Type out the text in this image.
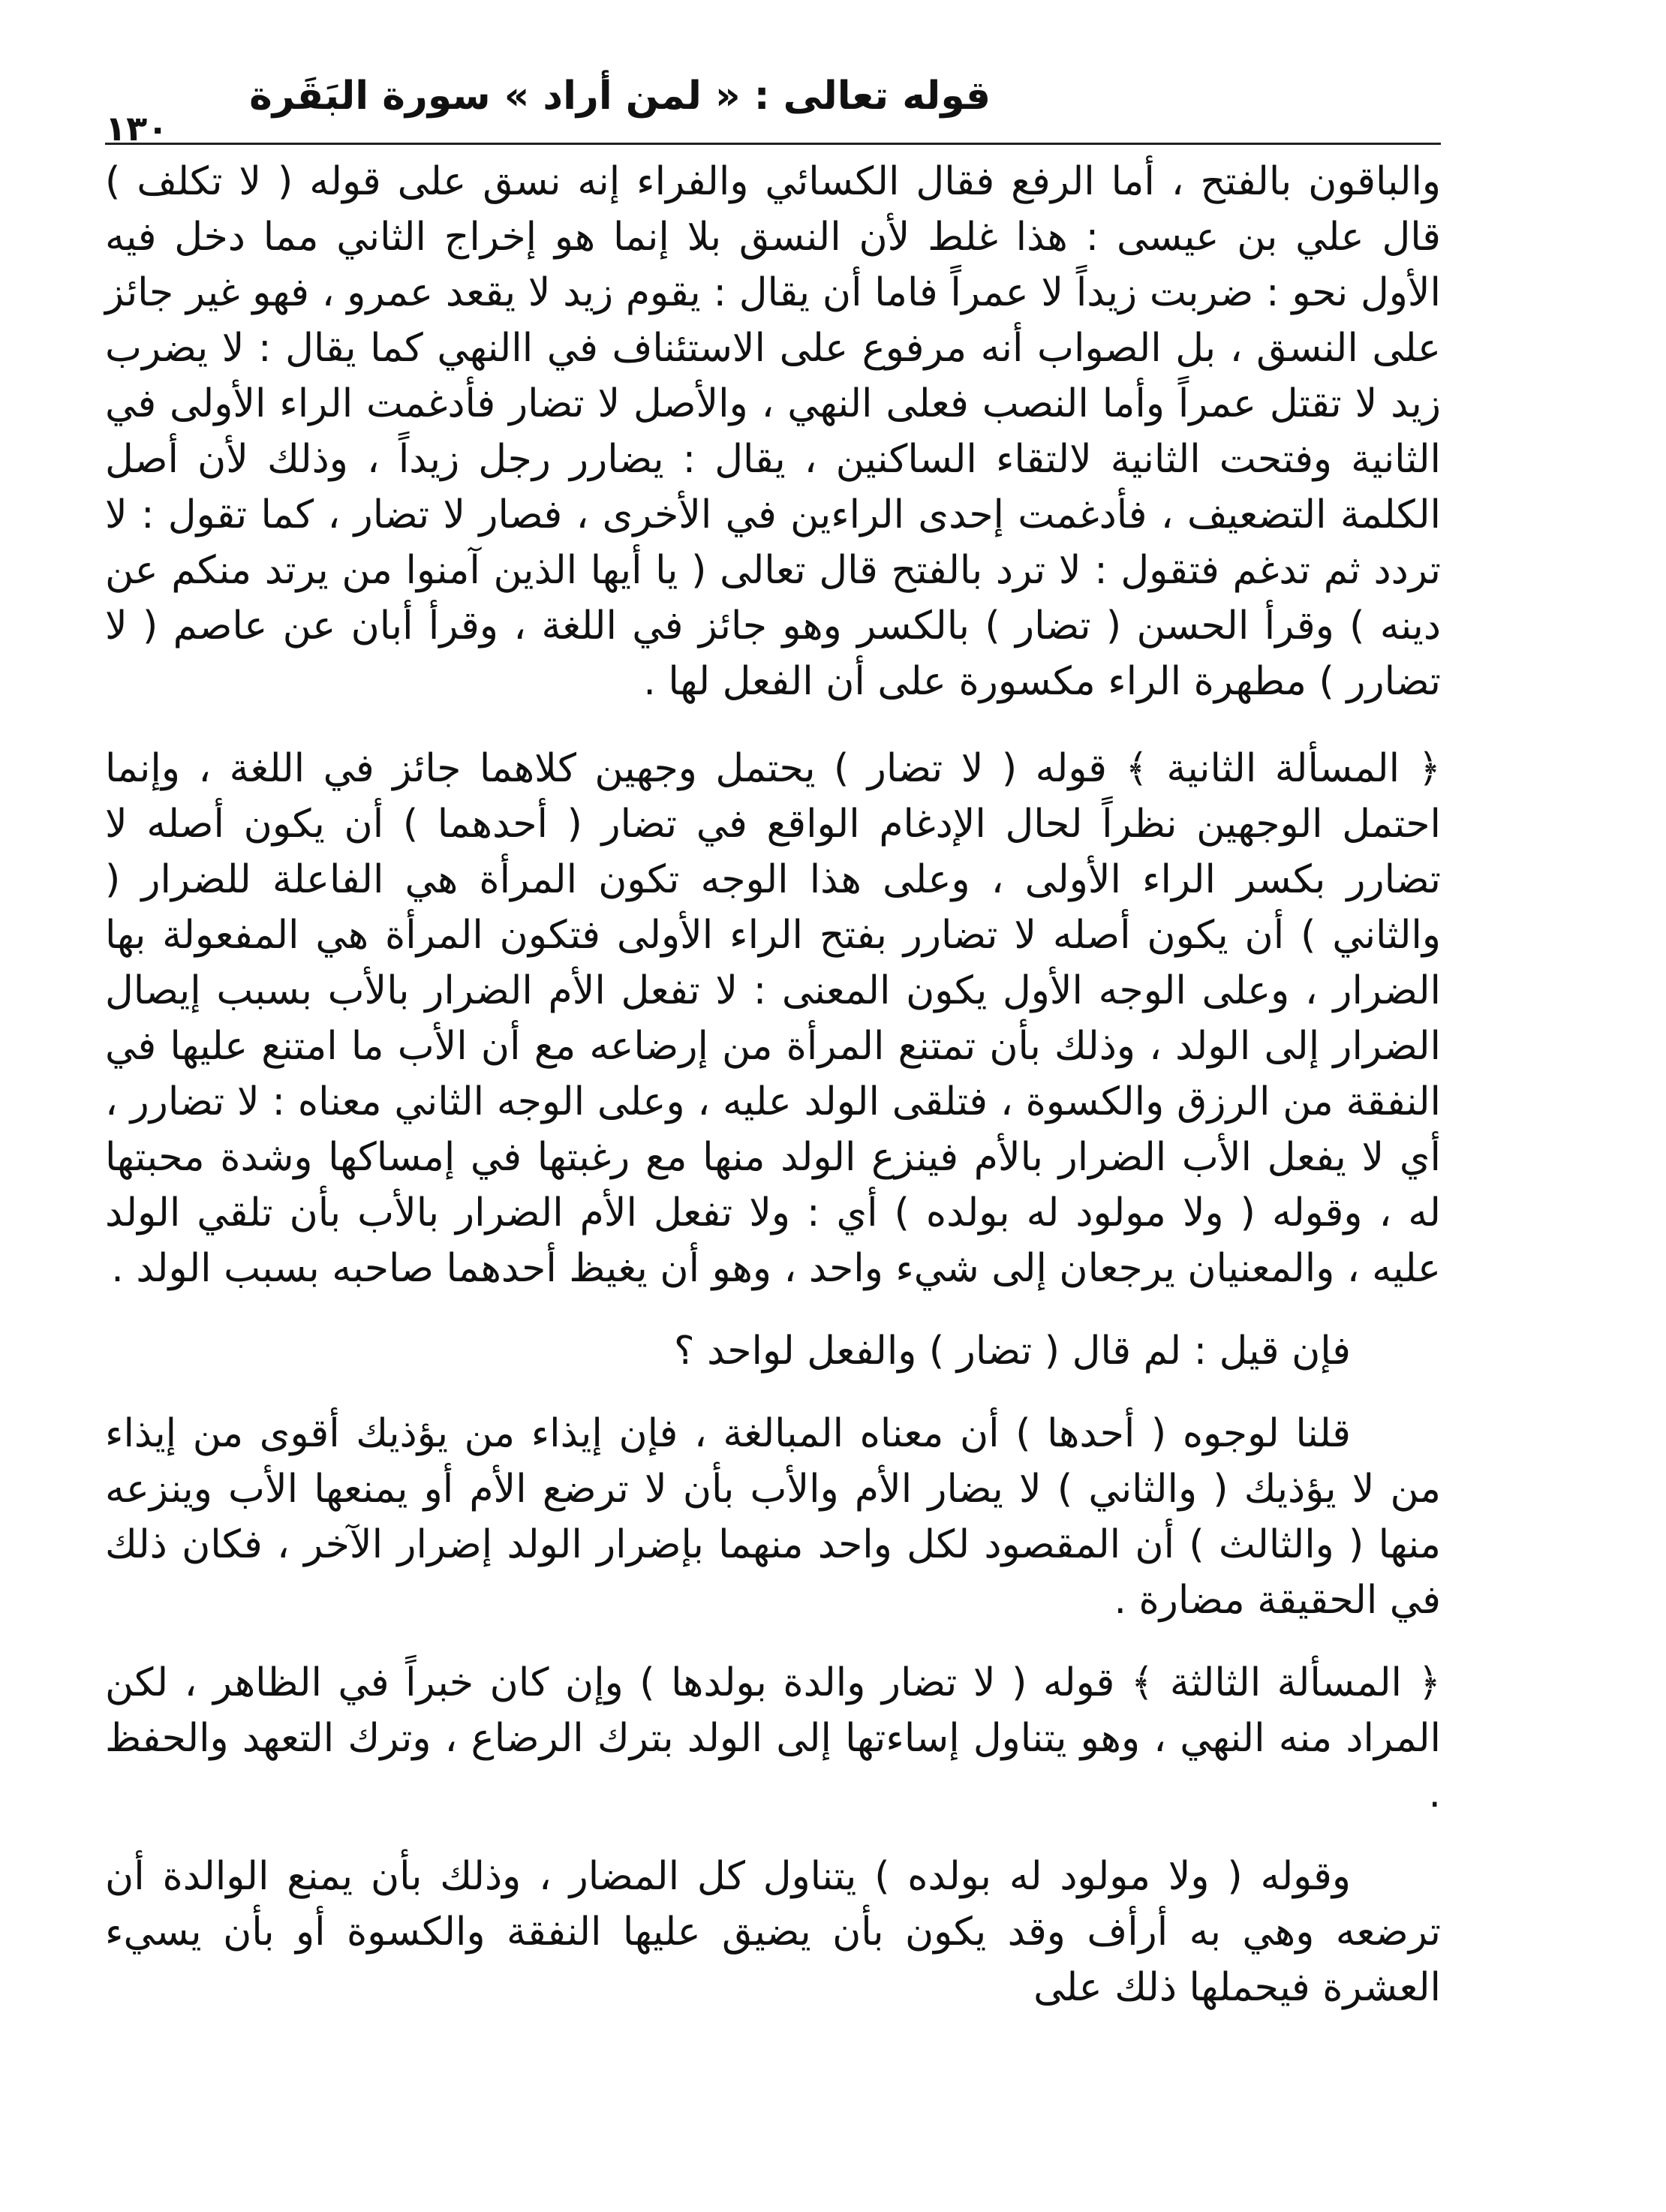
قوله تعالى : « لمن أراد » سورة البَقَرة
١٣٠

والباقون بالفتح ، أما الرفع فقال الكسائي والفراء إنه نسق على قوله ( لا تكلف ) قال علي بن عيسى : هذا غلط لأن النسق بلا إنما هو إخراج الثاني مما دخل فيه الأول نحو : ضربت زيداً لا عمراً فاما أن يقال : يقوم زيد لا يقعد عمرو ، فهو غير جائز على النسق ، بل الصواب أنه مرفوع على الاستئناف في االنهي كما يقال : لا يضرب زيد لا تقتل عمراً وأما النصب فعلى النهي ، والأصل لا تضار فأدغمت الراء الأولى في الثانية وفتحت الثانية لالتقاء الساكنين ، يقال : يضارر رجل زيداً ، وذلك لأن أصل الكلمة التضعيف ، فأدغمت إحدى الراءين في الأخرى ، فصار لا تضار ، كما تقول : لا تردد ثم تدغم فتقول : لا ترد بالفتح قال تعالى ( يا أيها الذين آمنوا من يرتد منكم عن دينه ) وقرأ الحسن ( تضار ) بالكسر وهو جائز في اللغة ، وقرأ أبان عن عاصم ( لا تضارر ) مطهرة الراء مكسورة على أن الفعل لها .

﴿ المسألة الثانية ﴾ قوله ( لا تضار ) يحتمل وجهين كلاهما جائز في اللغة ، وإنما احتمل الوجهين نظراً لحال الإدغام الواقع في تضار ( أحدهما ) أن يكون أصله لا تضارر بكسر الراء الأولى ، وعلى هذا الوجه تكون المرأة هي الفاعلة للضرار ( والثاني ) أن يكون أصله لا تضارر بفتح الراء الأولى فتكون المرأة هي المفعولة بها الضرار ، وعلى الوجه الأول يكون المعنى : لا تفعل الأم الضرار بالأب بسبب إيصال الضرار إلى الولد ، وذلك بأن تمتنع المرأة من إرضاعه مع أن الأب ما امتنع عليها في النفقة من الرزق والكسوة ، فتلقى الولد عليه ، وعلى الوجه الثاني معناه : لا تضارر ، أي لا يفعل الأب الضرار بالأم فينزع الولد منها مع رغبتها في إمساكها وشدة محبتها له ، وقوله ( ولا مولود له بولده ) أي : ولا تفعل الأم الضرار بالأب بأن تلقي الولد عليه ، والمعنيان يرجعان إلى شيء واحد ، وهو أن يغيظ أحدهما صاحبه بسبب الولد .

فإن قيل : لم قال ( تضار ) والفعل لواحد ؟

قلنا لوجوه ( أحدها ) أن معناه المبالغة ، فإن إيذاء من يؤذيك أقوى من إيذاء من لا يؤذيك ( والثاني ) لا يضار الأم والأب بأن لا ترضع الأم أو يمنعها الأب وينزعه منها ( والثالث ) أن المقصود لكل واحد منهما بإضرار الولد إضرار الآخر ، فكان ذلك في الحقيقة مضارة .

﴿ المسألة الثالثة ﴾ قوله ( لا تضار والدة بولدها ) وإن كان خبراً في الظاهر ، لكن المراد منه النهي ، وهو يتناول إساءتها إلى الولد بترك الرضاع ، وترك التعهد والحفظ .

وقوله ( ولا مولود له بولده ) يتناول كل المضار ، وذلك بأن يمنع الوالدة أن ترضعه وهي به أرأف وقد يكون بأن يضيق عليها النفقة والكسوة أو بأن يسيء العشرة فيحملها ذلك على
